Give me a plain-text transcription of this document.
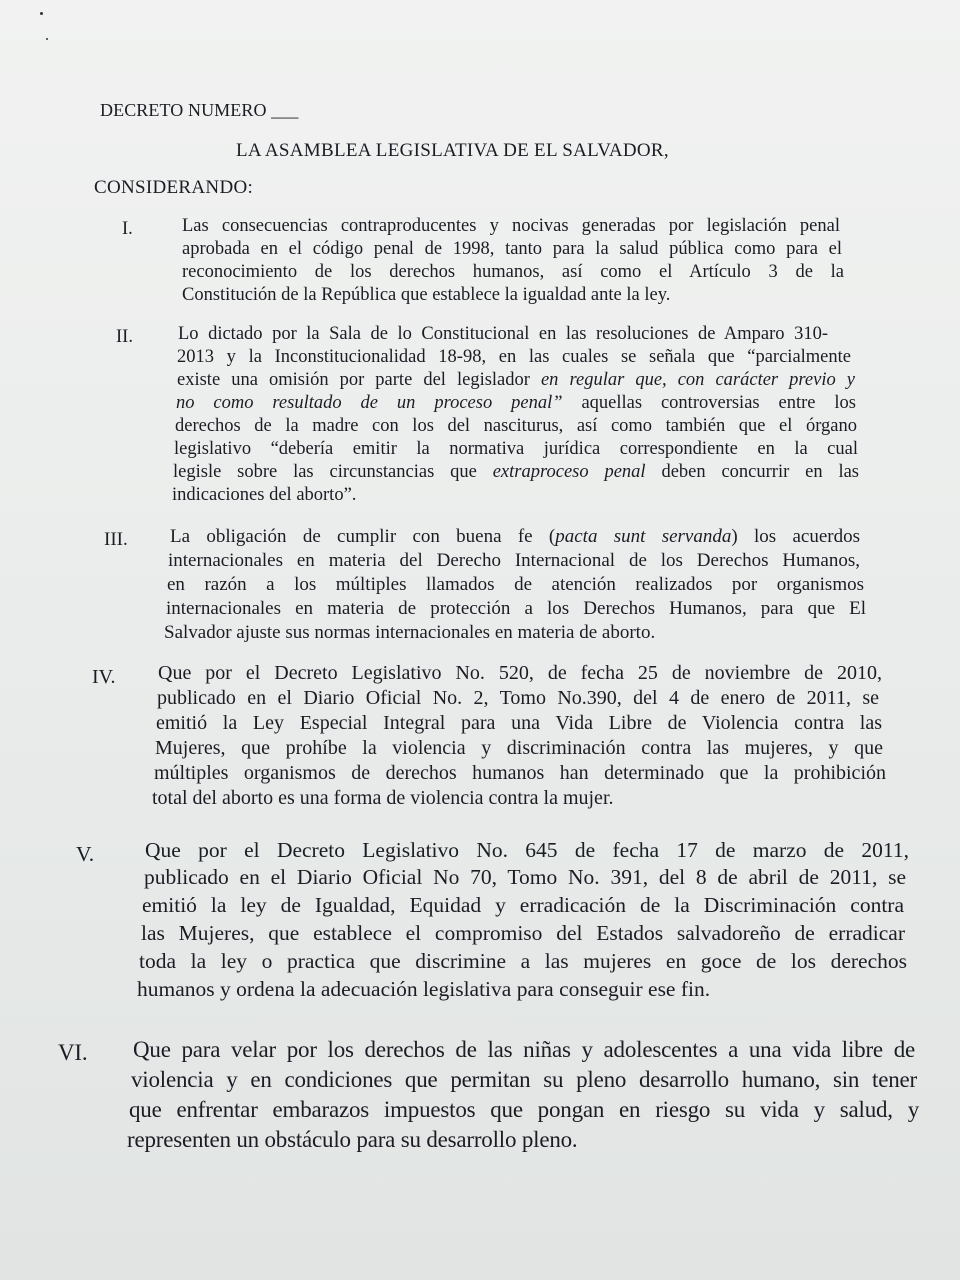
DECRETO NUMERO ___
LA ASAMBLEA LEGISLATIVA DE EL SALVADOR,
CONSIDERANDO:
I.	Las consecuencias contraproducentes y nocivas generadas por legislación penal
aprobada en el código penal de 1998, tanto para la salud pública como para el
reconocimiento de los derechos humanos, así como el Artículo 3 de la
Constitución de la República que establece la igualdad ante la ley.
II. Lo dictado por la Sala de lo Constitucional en las resoluciones de Amparo 310-
2013 y la Inconstitucionalidad 18-98, en las cuales se señala que “parcialmente
existe una omisión por parte del legislador en regular que, con carácter previo y
no como resultado de un proceso penal” aquellas controversias entre los
derechos de la madre con los del nasciturus, así como también que el órgano
legislativo “debería emitir la normativa jurídica correspondiente en la cual
legisle sobre las circunstancias que extraproceso penal deben concurrir en las
indicaciones del aborto”.
III. La obligación de cumplir con buena fe (pacta sunt servanda) los acuerdos
internacionales en materia del Derecho Internacional de los Derechos Humanos,
en razón a los múltiples llamados de atención realizados por organismos
internacionales en materia de protección a los Derechos Humanos, para que El
Salvador ajuste sus normas internacionales en materia de aborto.
IV. Que por el Decreto Legislativo No. 520, de fecha 25 de noviembre de 2010,
publicado en el Diario Oficial No. 2, Tomo No.390, del 4 de enero de 2011, se
emitió la Ley Especial Integral para una Vida Libre de Violencia contra las
Mujeres, que prohíbe la violencia y discriminación contra las mujeres, y que
múltiples organismos de derechos humanos han determinado que la prohibición
total del aborto es una forma de violencia contra la mujer.
V. Que por el Decreto Legislativo No. 645 de fecha 17 de marzo de 2011,
publicado en el Diario Oficial No 70, Tomo No. 391, del 8 de abril de 2011, se
emitió la ley de Igualdad, Equidad y erradicación de la Discriminación contra
las Mujeres, que establece el compromiso del Estados salvadoreño de erradicar
toda la ley o practica que discrimine a las mujeres en goce de los derechos
humanos y ordena la adecuación legislativa para conseguir ese fin.
VI. Que para velar por los derechos de las niñas y adolescentes a una vida libre de
violencia y en condiciones que permitan su pleno desarrollo humano, sin tener
que enfrentar embarazos impuestos que pongan en riesgo su vida y salud, y
representen un obstáculo para su desarrollo pleno.
